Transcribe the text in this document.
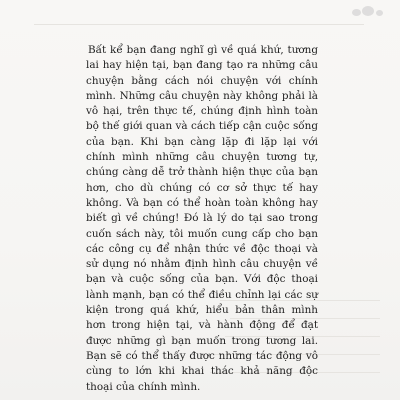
Bất kể bạn đang nghĩ gì về quá khứ, tương lai hay hiện tại, bạn đang tạo ra những câu chuyện bằng cách nói chuyện với chính mình. Những câu chuyện này không phải là vô hại, trên thực tế, chúng định hình toàn bộ thế giới quan và cách tiếp cận cuộc sống của bạn. Khi bạn càng lặp đi lặp lại với chính mình những câu chuyện tương tự, chúng càng dễ trở thành hiện thực của bạn hơn, cho dù chúng có cơ sở thực tế hay không. Và bạn có thể hoàn toàn không hay biết gì về chúng! Đó là lý do tại sao trong cuốn sách này, tôi muốn cung cấp cho bạn các công cụ để nhận thức về độc thoại và sử dụng nó nhằm định hình câu chuyện về bạn và cuộc sống của bạn. Với độc thoại lành mạnh, bạn có thể điều chỉnh lại các sự kiện trong quá khứ, hiểu bản thân mình hơn trong hiện tại, và hành động để đạt được những gì bạn muốn trong tương lai. Bạn sẽ có thể thấy được những tác động vô cùng to lớn khi khai thác khả năng độc thoại của chính mình.
